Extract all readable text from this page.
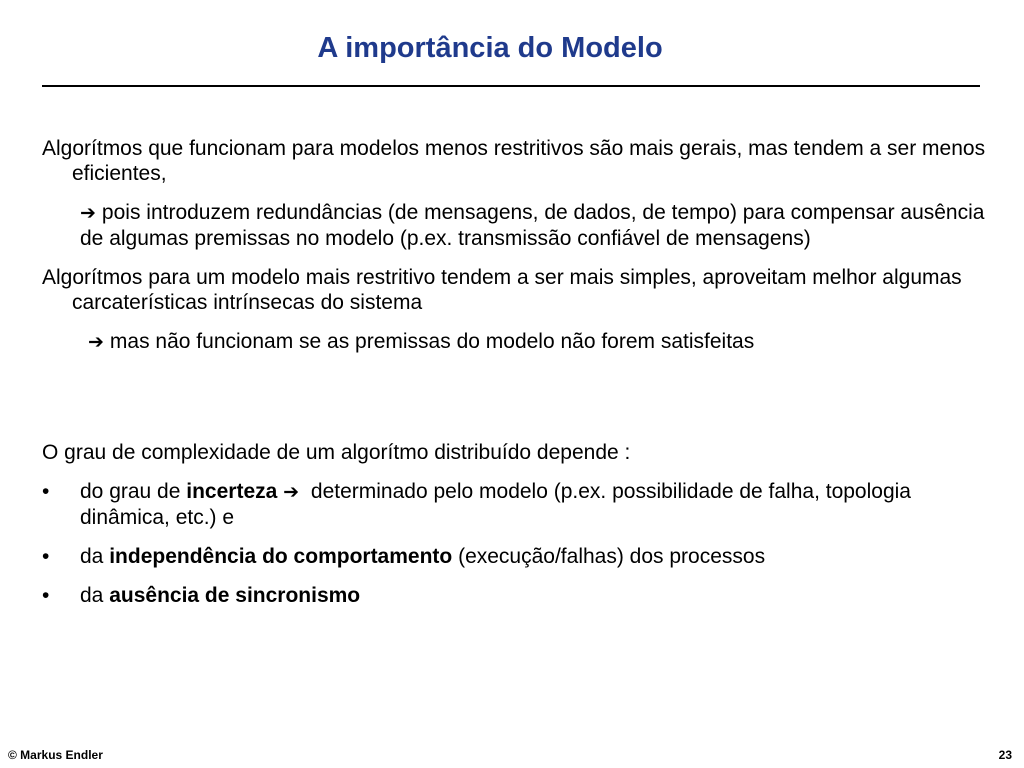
A importância do Modelo

Algorítmos que funcionam para modelos menos restritivos são mais gerais, mas tendem a ser menos eficientes,

➔ pois introduzem redundâncias (de mensagens, de dados, de tempo) para compensar ausência de algumas premissas no modelo (p.ex. transmissão confiável de mensagens)

Algorítmos para um modelo mais restritivo tendem a ser mais simples, aproveitam melhor algumas carcaterísticas intrínsecas do sistema

➔ mas não funcionam se as premissas do modelo não forem satisfeitas

O grau de complexidade de um algorítmo distribuído depende :

• do grau de incerteza ➔ determinado pelo modelo (p.ex. possibilidade de falha, topologia dinâmica, etc.) e

• da independência do comportamento (execução/falhas) dos processos

• da ausência de sincronismo

© Markus Endler	23
